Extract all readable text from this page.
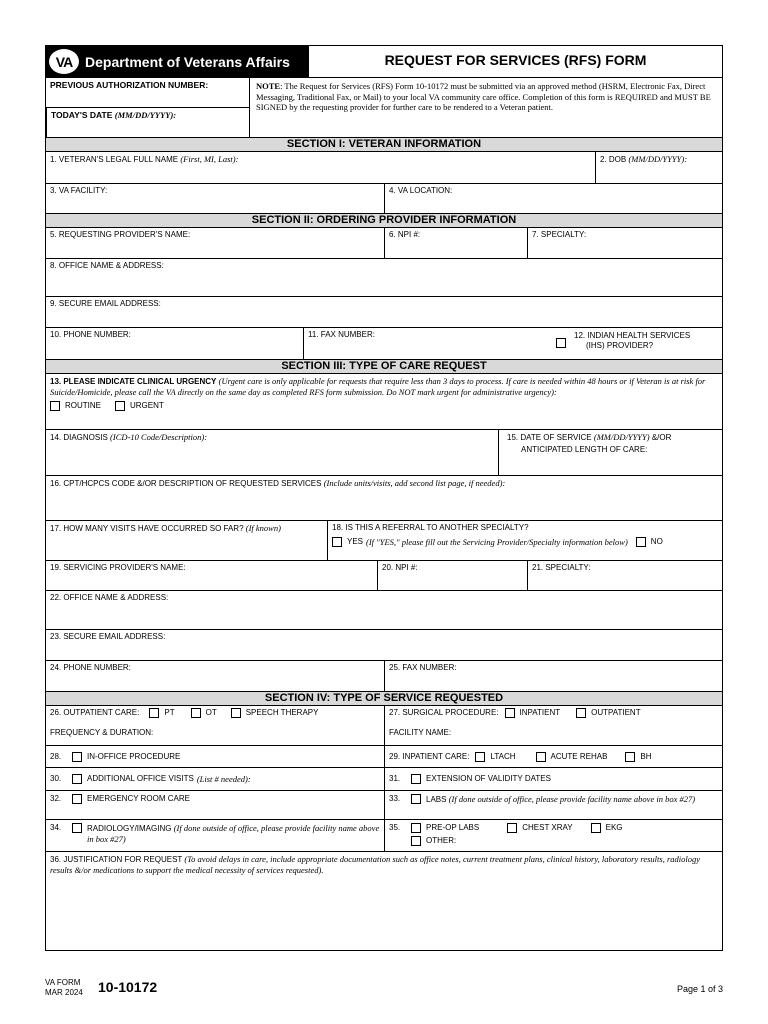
VA Department of Veterans Affairs	REQUEST FOR SERVICES (RFS) FORM
PREVIOUS AUTHORIZATION NUMBER:
TODAY'S DATE (MM/DD/YYYY):
NOTE: The Request for Services (RFS) Form 10-10172 must be submitted via an approved method (HSRM, Electronic Fax, Direct Messaging, Traditional Fax, or Mail) to your local VA community care office. Completion of this form is REQUIRED and MUST BE SIGNED by the requesting provider for further care to be rendered to a Veteran patient.
SECTION I: VETERAN INFORMATION
1. VETERAN'S LEGAL FULL NAME (First, MI, Last):	2. DOB (MM/DD/YYYY):
3. VA FACILITY:	4. VA LOCATION:
SECTION II: ORDERING PROVIDER INFORMATION
5. REQUESTING PROVIDER'S NAME:	6. NPI #:	7. SPECIALTY:
8. OFFICE NAME & ADDRESS:
9. SECURE EMAIL ADDRESS:
10. PHONE NUMBER:	11. FAX NUMBER:	12. INDIAN HEALTH SERVICES
(IHS) PROVIDER?
SECTION III: TYPE OF CARE REQUEST
13. PLEASE INDICATE CLINICAL URGENCY (Urgent care is only applicable for requests that require less than 3 days to process. If care is needed within 48 hours or if Veteran is at risk for Suicide/Homicide, please call the VA directly on the same day as completed RFS form submission. Do NOT mark urgent for administrative urgency):
ROUTINE	URGENT
14. DIAGNOSIS (ICD-10 Code/Description):	15. DATE OF SERVICE (MM/DD/YYYY) &/OR
ANTICIPATED LENGTH OF CARE:
16. CPT/HCPCS CODE &/OR DESCRIPTION OF REQUESTED SERVICES (Include units/visits, add second list page, if needed):
17. HOW MANY VISITS HAVE OCCURRED SO FAR? (If known)	18. IS THIS A REFERRAL TO ANOTHER SPECIALTY?
YES (If "YES," please fill out the Servicing Provider/Specialty information below)	NO
19. SERVICING PROVIDER'S NAME:	20. NPI #:	21. SPECIALTY:
22. OFFICE NAME & ADDRESS:
23. SECURE EMAIL ADDRESS:
24. PHONE NUMBER:	25. FAX NUMBER:
SECTION IV: TYPE OF SERVICE REQUESTED
26. OUTPATIENT CARE:	PT	OT	SPEECH THERAPY
FREQUENCY & DURATION:
27. SURGICAL PROCEDURE:	INPATIENT	OUTPATIENT
FACILITY NAME:
28.	IN-OFFICE PROCEDURE	29. INPATIENT CARE:	LTACH	ACUTE REHAB	BH
30.	ADDITIONAL OFFICE VISITS (List # needed):	31.	EXTENSION OF VALIDITY DATES
32.	EMERGENCY ROOM CARE	33.	LABS (If done outside of office, please provide facility name above in box #27)
34.	RADIOLOGY/IMAGING (If done outside of office, please provide facility name above in box #27)
35.	PRE-OP LABS	CHEST XRAY	EKG
OTHER:
36. JUSTIFICATION FOR REQUEST (To avoid delays in care, include appropriate documentation such as office notes, current treatment plans, clinical history, laboratory results, radiology results &/or medications to support the medical necessity of services requested).
VA FORM
MAR 2024 10-10172	Page 1 of 3
